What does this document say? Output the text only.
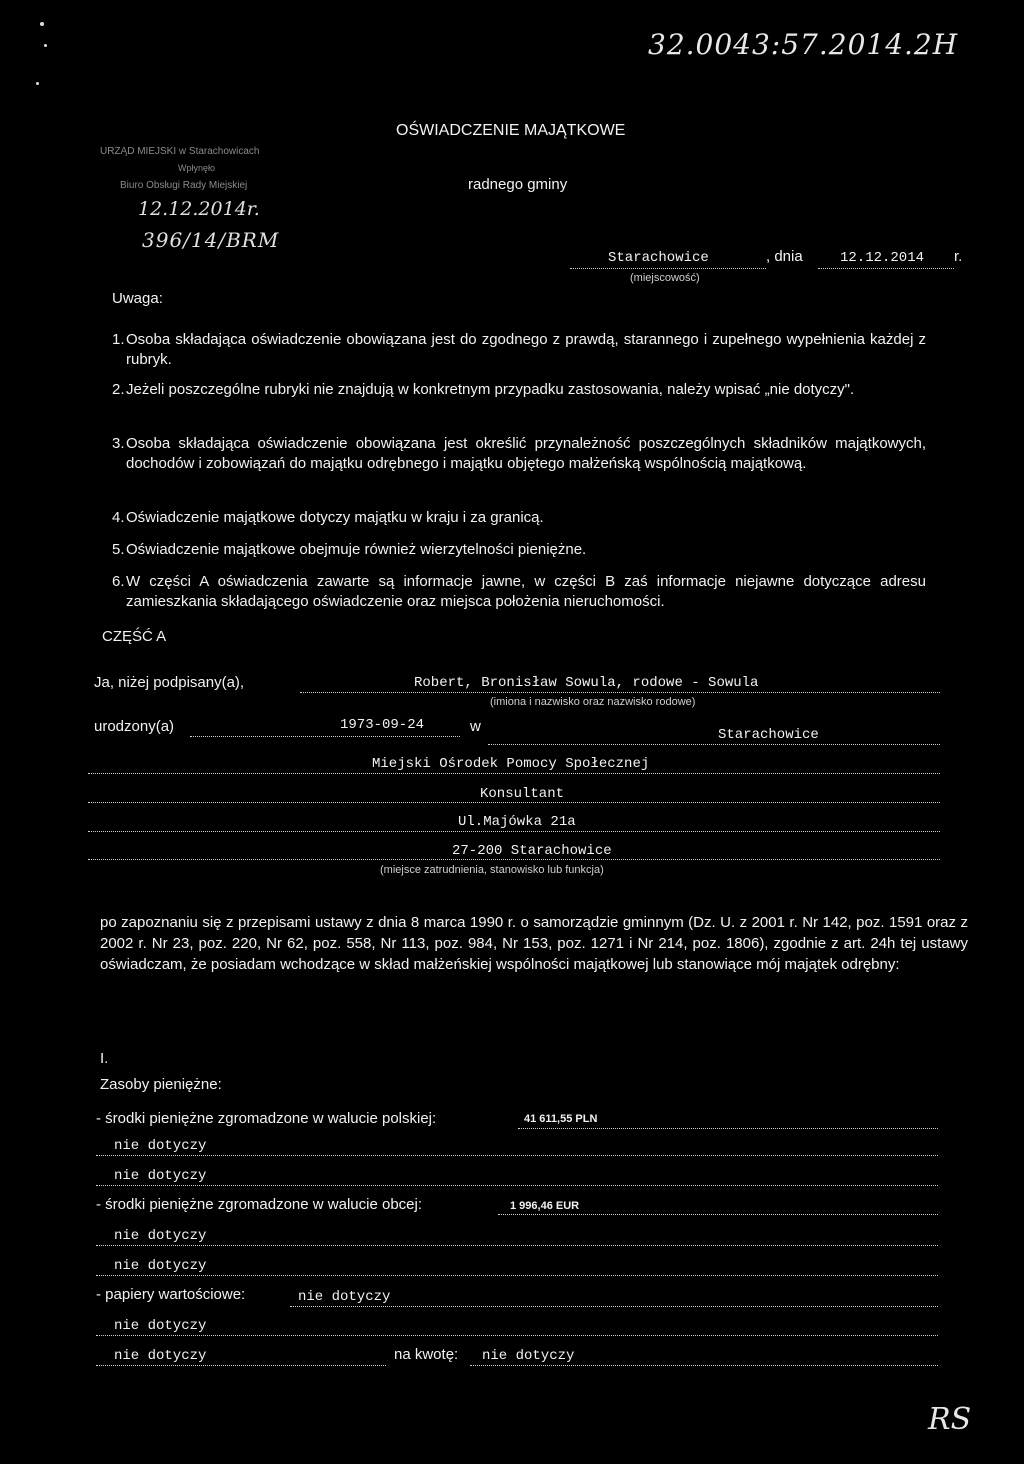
32.0043:57.2014.2H
URZĄD MIEJSKI w Starachowicach
Wpłynęło
Biuro Obsługi Rady Miejskiej
12.12.2014r.
396/14/BRM
OŚWIADCZENIE MAJĄTKOWE
radnego gminy
Starachowice
(miejscowość)
, dnia	12.12.2014 r.
Uwaga:
1. Osoba składająca oświadczenie obowiązana jest do zgodnego z prawdą, starannego i zupełnego wypełnienia każdej z rubryk.
2. Jeżeli poszczególne rubryki nie znajdują w konkretnym przypadku zastosowania, należy wpisać „nie dotyczy".
3. Osoba składająca oświadczenie obowiązana jest określić przynależność poszczególnych składników majątkowych, dochodów i zobowiązań do majątku odrębnego i majątku objętego małżeńską wspólnością majątkową.
4. Oświadczenie majątkowe dotyczy majątku w kraju i za granicą.
5. Oświadczenie majątkowe obejmuje również wierzytelności pieniężne.
6. W części A oświadczenia zawarte są informacje jawne, w części B zaś informacje niejawne dotyczące adresu zamieszkania składającego oświadczenie oraz miejsca położenia nieruchomości.
CZĘŚĆ A
Ja, niżej podpisany(a),	Robert, Bronisław Sowula, rodowe - Sowula
(imiona i nazwisko oraz nazwisko rodowe)
urodzony(a)	1973-09-24	w	Starachowice
Miejski Ośrodek Pomocy Społecznej
Konsultant
Ul.Majówka 21a
27-200 Starachowice
(miejsce zatrudnienia, stanowisko lub funkcja)
po zapoznaniu się z przepisami ustawy z dnia 8 marca 1990 r. o samorządzie gminnym (Dz. U. z 2001 r. Nr 142, poz. 1591 oraz z 2002 r. Nr 23, poz. 220, Nr 62, poz. 558, Nr 113, poz. 984, Nr 153, poz. 1271 i Nr 214, poz. 1806), zgodnie z art. 24h tej ustawy oświadczam, że posiadam wchodzące w skład małżeńskiej wspólności majątkowej lub stanowiące mój majątek odrębny:
I.
Zasoby pieniężne:
- środki pieniężne zgromadzone w walucie polskiej:	41 611,55 PLN
nie dotyczy
nie dotyczy
- środki pieniężne zgromadzone w walucie obcej:	1 996,46 EUR
nie dotyczy
nie dotyczy
- papiery wartościowe:	nie dotyczy
nie dotyczy
nie dotyczy	na kwotę: nie dotyczy
RS
